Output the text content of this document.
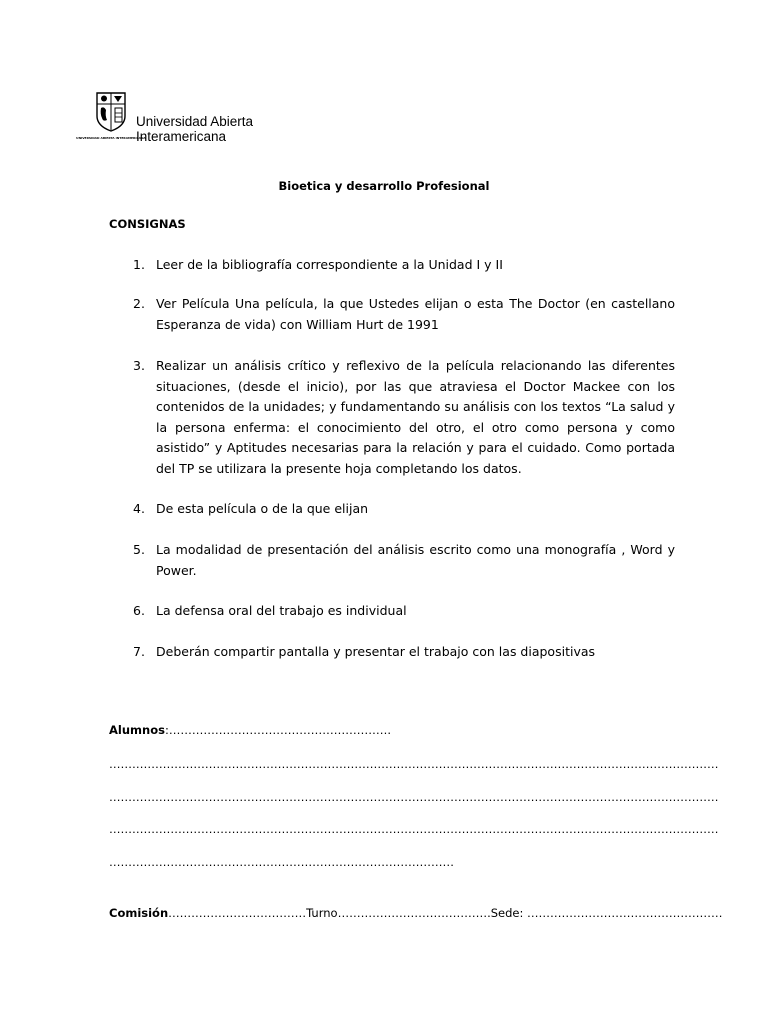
UNIVERSIDAD ABIERTA INTERAMERICANA
Universidad Abierta Interamericana
Bioetica y desarrollo Profesional
CONSIGNAS
1. Leer de la bibliografía correspondiente a la Unidad I y II
2. Ver Película Una película, la que Ustedes elijan o esta The Doctor (en castellano Esperanza de vida) con William Hurt de 1991
3. Realizar un análisis crítico y reflexivo de la película relacionando las diferentes situaciones, (desde el inicio), por las que atraviesa el Doctor Mackee con los contenidos de la unidades; y fundamentando su análisis con los textos “La salud y la persona enferma: el conocimiento del otro, el otro como persona y como asistido” y Aptitudes necesarias para la relación y para el cuidado. Como portada del TP se utilizara la presente hoja completando los datos.
4. De esta película o de la que elijan
5. La modalidad de presentación del análisis escrito como una monografía , Word y Power.
6. La defensa oral del trabajo es individual
7. Deberán compartir pantalla y presentar el trabajo con las diapositivas
Alumnos:………………………………………………….
……………………………………………………………………………………………………………………………………………
……………………………………………………………………………………………………………………………………………
……………………………………………………………………………………………………………………………………………
………………………………………………………………………………
Comisión………………………………Turno………………………………….Sede: ……………………………………………
